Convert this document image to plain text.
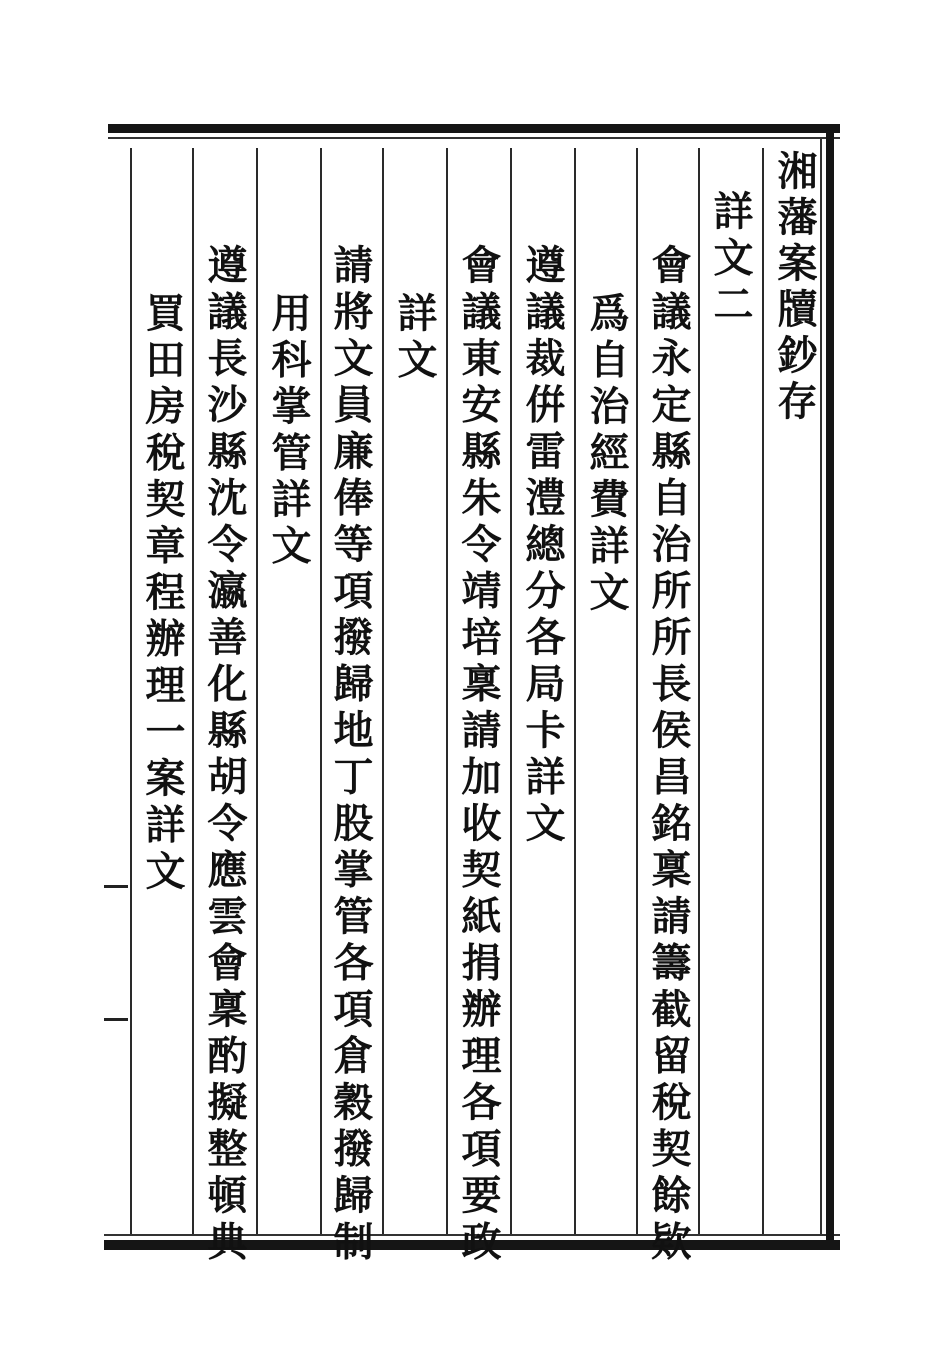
湘藩案牘鈔存
詳文二
會議永定縣自治所所長侯昌銘稟請籌截留稅契餘欵
爲自治經費詳文
遵議裁倂雷澧總分各局卡詳文
會議東安縣朱令靖培稟請加收契紙捐辦理各項要政
詳文
請將文員廉俸等項撥歸地丁股掌管各項倉穀撥歸制
用科掌管詳文
遵議長沙縣沈令瀛善化縣胡令應雲會稟酌擬整頓典
買田房稅契章程辦理一案詳文
